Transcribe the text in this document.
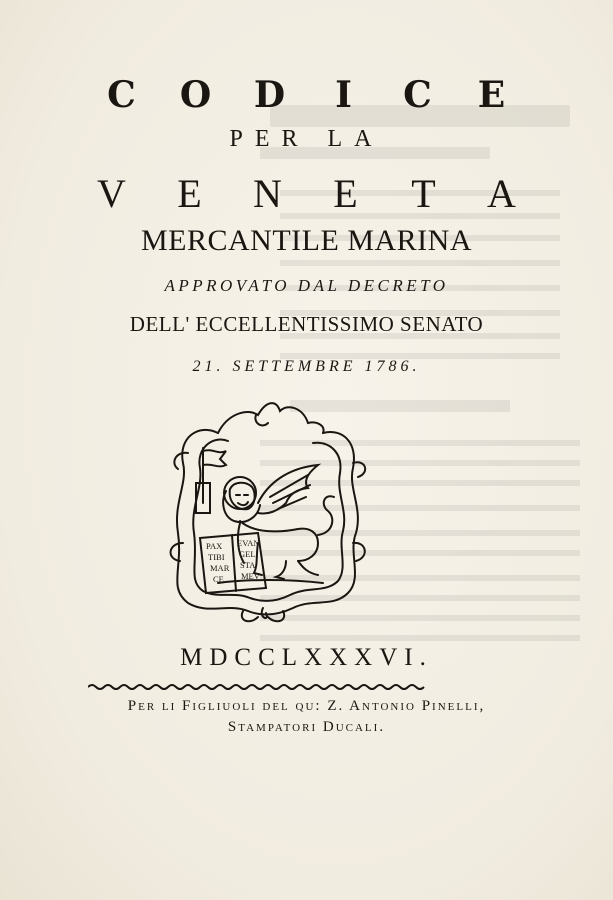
C O D I C E
PER LA
V E N E T A
MERCANTILE MARINA
APPROVATO DAL DECRETO
DELL' ECCELLENTISSIMO SENATO
21. SETTEMBRE 1786.
PAX
TIBI
MAR
CE
EVAN
GELI
STA
MEV
MDCCLXXXVI.
Per li Figliuoli del qu: Z. Antonio Pinelli,
Stampatori Ducali.
